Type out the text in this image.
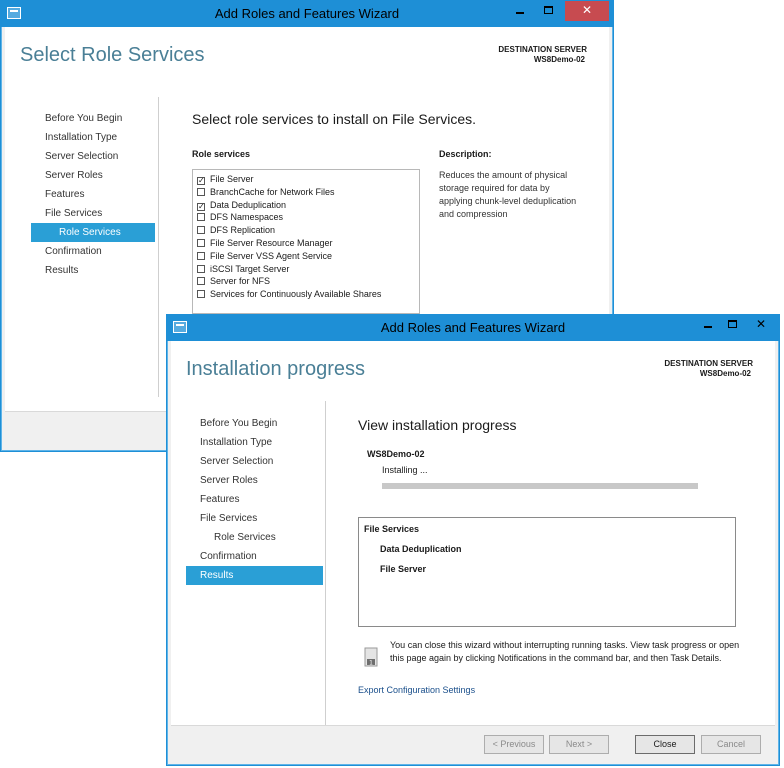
Add Roles and Features Wizard	✕
Select Role Services	DESTINATION SERVER
WS8Demo-02
Before You Begin
Installation Type
Server Selection
Server Roles
Features
File Services
Role Services
Confirmation
Results
Select role services to install on File Services.
Role services	Description:
✓ File Server
BranchCache for Network Files
✓ Data Deduplication
DFS Namespaces
DFS Replication
File Server Resource Manager
File Server VSS Agent Service
iSCSI Target Server
Server for NFS
Services for Continuously Available Shares
Reduces the amount of physical storage required for data by applying chunk-level deduplication and compression
Add Roles and Features Wizard	✕
Installation progress	DESTINATION SERVER
WS8Demo-02
Before You Begin
Installation Type
Server Selection
Server Roles
Features
File Services
Role Services
Confirmation
Results
View installation progress
WS8Demo-02
Installing ...
File Services
Data Deduplication
File Server
1
You can close this wizard without interrupting running tasks. View task progress or open this page again by clicking Notifications in the command bar, and then Task Details.
Export Configuration Settings
< Previous	Next >	Close	Cancel
